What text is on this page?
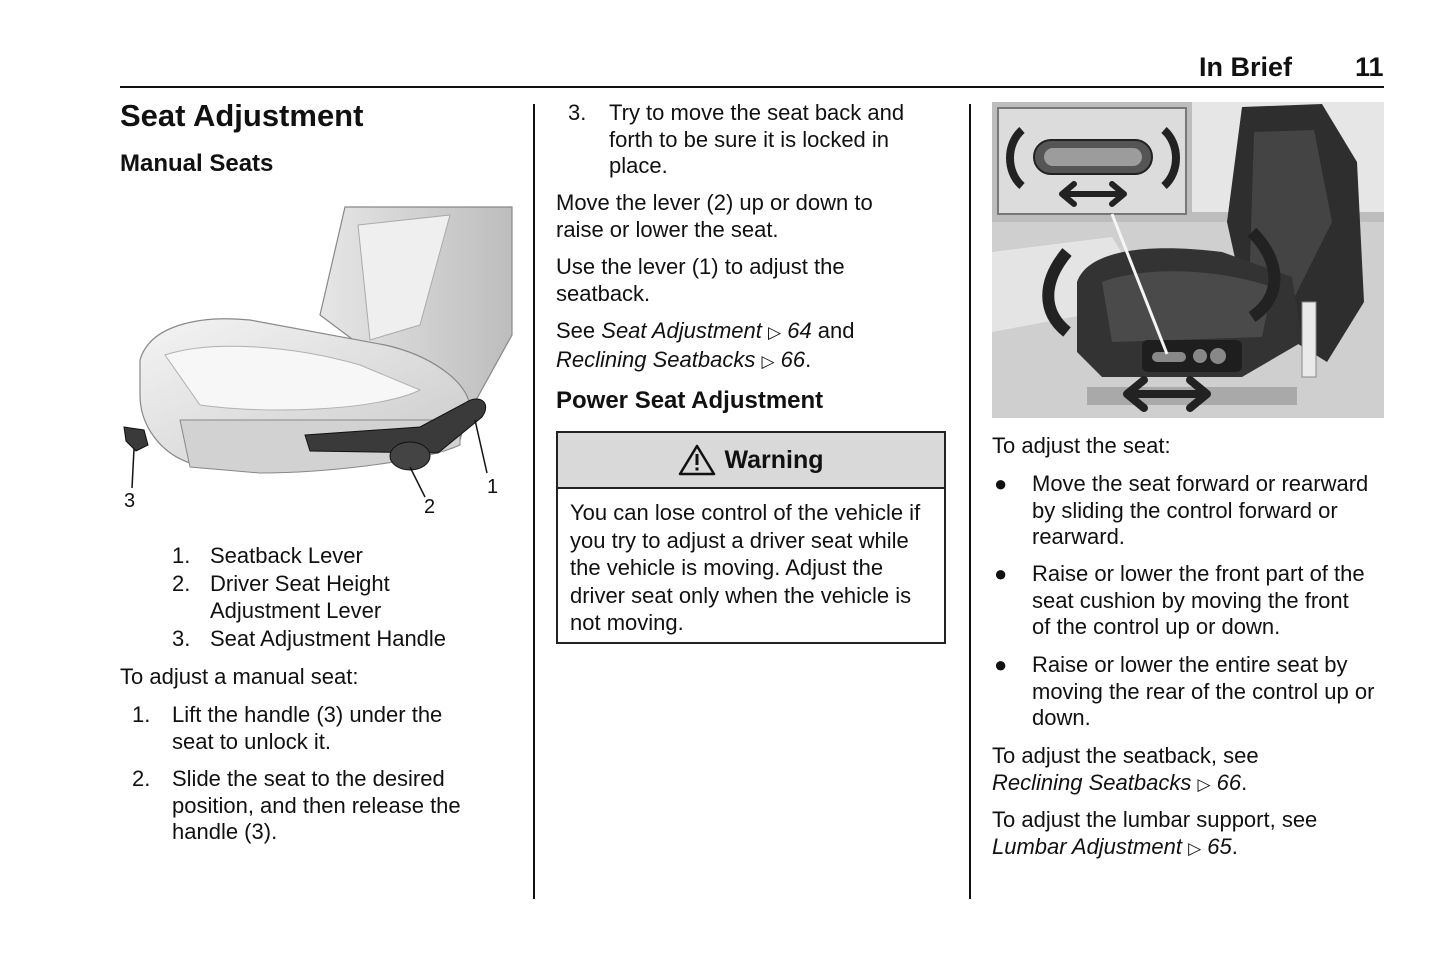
In Brief 11
Seat Adjustment
Manual Seats
1
2
3
1. Seatback Lever
2. Driver Seat Height Adjustment Lever
3. Seat Adjustment Handle

To adjust a manual seat:

1. Lift the handle (3) under the seat to unlock it.
2. Slide the seat to the desired position, and then release the handle (3).
3. Try to move the seat back and forth to be sure it is locked in place.

Move the lever (2) up or down to raise or lower the seat.

Use the lever (1) to adjust the seatback.

See Seat Adjustment ▷ 64 and
Reclining Seatbacks ▷ 66.

Power Seat Adjustment
Warning
You can lose control of the vehicle if you try to adjust a driver seat while the vehicle is moving. Adjust the driver seat only when the vehicle is not moving.

To adjust the seat:

● Move the seat forward or rearward by sliding the control forward or rearward.
● Raise or lower the front part of the seat cushion by moving the front of the control up or down.
● Raise or lower the entire seat by moving the rear of the control up or down.

To adjust the seatback, see
Reclining Seatbacks ▷ 66.

To adjust the lumbar support, see
Lumbar Adjustment ▷ 65.
